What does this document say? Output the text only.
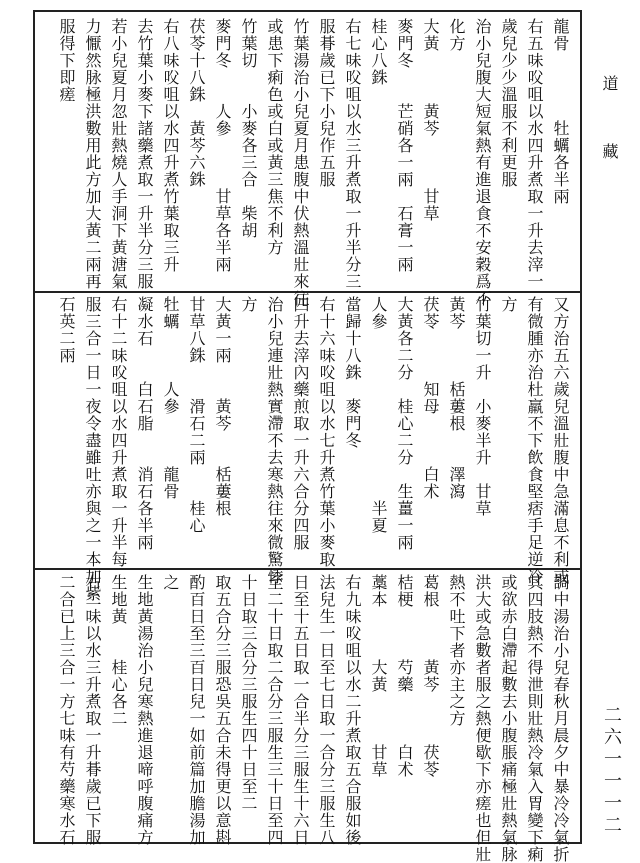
道
藏
二六一一一二
龍骨　　　　牡蠣各半兩
右五味㕮咀以水四升煮取一升去滓一
歲兒少少溫服不利更服
治小兒腹大短氣熱有進退食不安穀爲不
化方
大黃　　　黃芩　　　甘草
麥門冬　　芒硝各一兩　石膏一兩
桂心八銖
右七味㕮咀以水三升煮取一升半分三
服朞歲已下小兒作五服
竹葉湯治小兒夏月患腹中伏熱溫壯來往
或患下痢色或白或黃三焦不利方
竹葉切　　小麥各三合　柴胡
麥門冬　　人參　　　甘草各半兩
茯苓十八銖　黃芩六銖
右八味㕮咀以水四升煮竹葉取三升
去竹葉小麥下諸藥煮取一升半分三服
若小兒夏月忽壯熱燒人手洞下黃溏氣
力懨然脉極洪數用此方加大黃二兩再
服得下即瘥
又方治五六歲兒溫壯腹中急滿息不利或
有微腫亦治杜羸不下飲食堅痞手足逆冷
方
竹葉切一升　小麥半升　甘草
黃芩　　　栝蔞根　　澤瀉
茯苓　　　知母　　　白术
大黃各二分　桂心二分　生薑一兩
人參　　　　　　　　　　半夏
當歸十八銖　麥門冬
右十六味㕮咀以水七升煮竹葉小麥取
四升去滓內藥煎取一升六合分四服
治小兒連壯熱實滯不去寒熱往來微驚悸
方
大黃一兩　　黃芩　　栝蔞根
甘草八銖　　滑石二兩　　桂心
牡蠣　　　人參　　　龍骨
凝水石　　白石脂　　消石各半兩
右十二味㕮咀以水四升煮取一升半每
服三合一日一夜令盡雖吐亦與之一本加紫
石英二兩
調中湯治小兒春秋月晨夕中暴冷冷氣折
其四肢熱不得泄則壯熱冷氣入胃變下痢
或欲赤白滯起數去小腹脹痛極壯熱氣脉
洪大或急數者服之熱便歇下亦瘥也但壯
熱不吐下者亦主之方
葛根　　　黃芩　　　茯苓
桔梗　　　芍藥　　　白术
藁本　　　大黃　　　甘草
右九味㕮咀以水二升煮取五合服如後
法兒生一日至七日取一合分三服生八
日至十五日取一合半分三服生十六日
至二十日取二合分三服生三十日至四
十日取三合分三服生四十日至二
取五合分三服恐吳五合未得更以意斟
酌百日至三百日兒一如前篇加膽湯加
之
生地黃湯治小兒寒熱進退啼呼腹痛方
生地黃　　桂心各二
右二味以水三升煮取一升朞歲已下服
二合已上三合一方七味有芍藥寒水石
